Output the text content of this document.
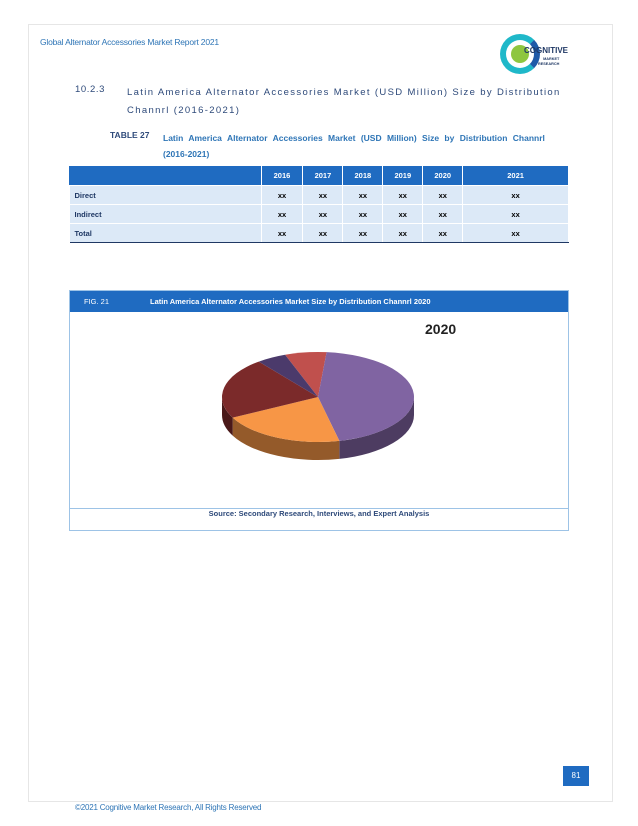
Global Alternator Accessories Market Report 2021
COGNITIVE
MARKET
RESEARCH
10.2.3 Latin America Alternator Accessories Market (USD Million) Size by Distribution Channrl (2016-2021)
TABLE 27 Latin America Alternator Accessories Market (USD Million) Size by Distribution Channrl (2016-2021)
	2016	2017	2018	2019	2020	2021
Direct	xx	xx	xx	xx	xx	xx
Indirect	xx	xx	xx	xx	xx	xx
Total	xx	xx	xx	xx	xx	xx
FIG. 21	Latin America Alternator Accessories Market Size by Distribution Channrl 2020
2020
Source: Secondary Research, Interviews, and Expert Analysis
81
©2021 Cognitive Market Research, All Rights Reserved
